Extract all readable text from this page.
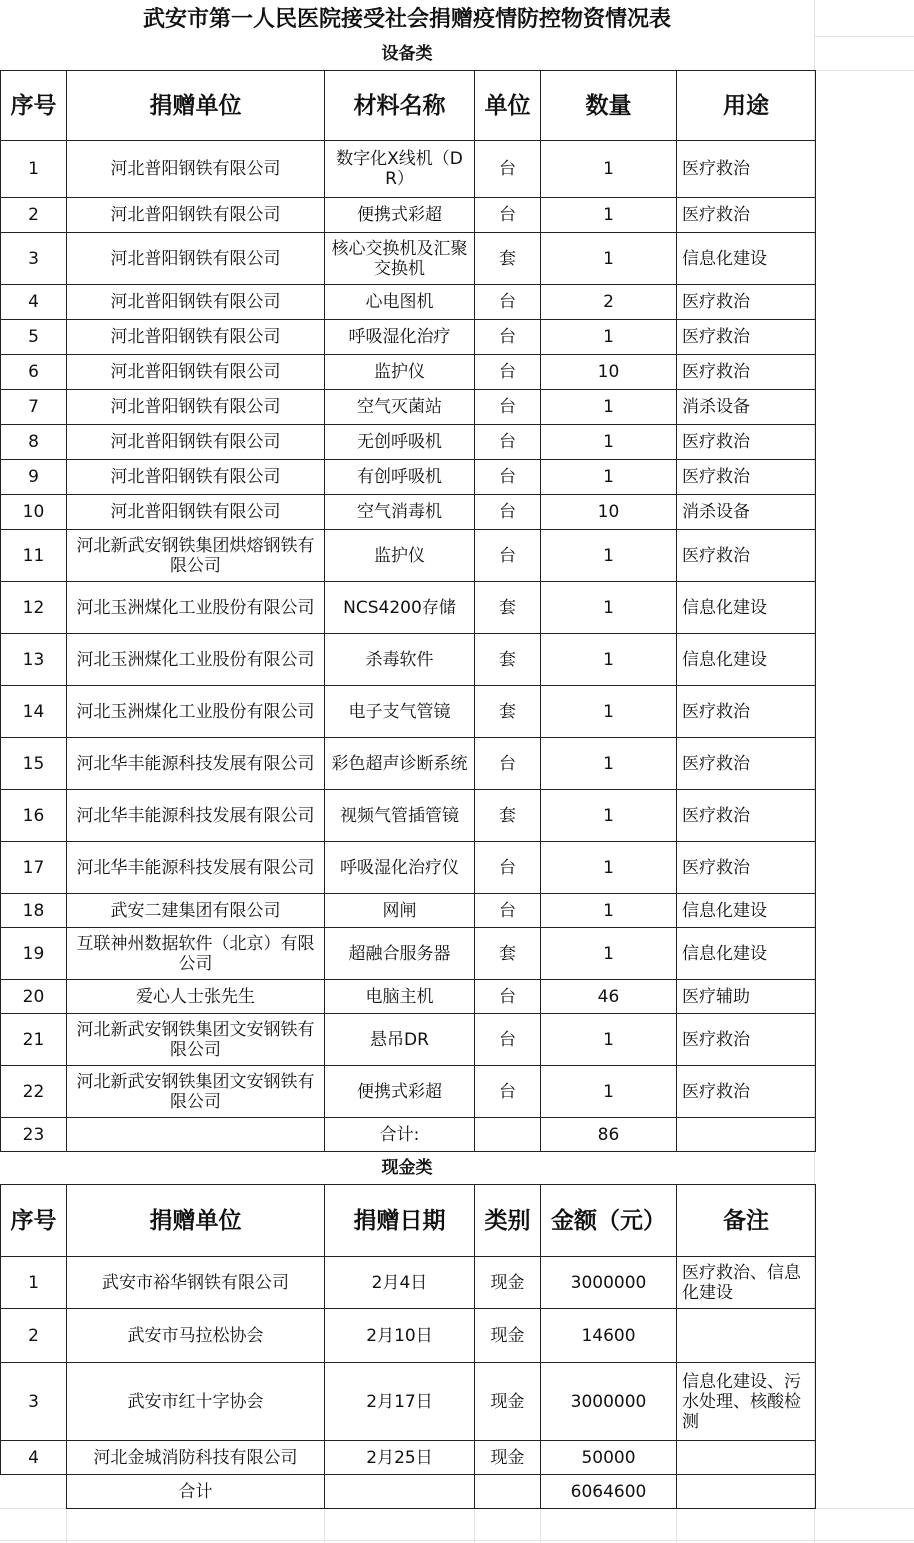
武安市第一人民医院接受社会捐赠疫情防控物资情况表
设备类
序号	捐赠单位	材料名称	单位	数量	用途
1	河北普阳钢铁有限公司	数字化X线机（DR）	台	1	医疗救治
2	河北普阳钢铁有限公司	便携式彩超	台	1	医疗救治
3	河北普阳钢铁有限公司	核心交换机及汇聚交换机	套	1	信息化建设
4	河北普阳钢铁有限公司	心电图机	台	2	医疗救治
5	河北普阳钢铁有限公司	呼吸湿化治疗	台	1	医疗救治
6	河北普阳钢铁有限公司	监护仪	台	10	医疗救治
7	河北普阳钢铁有限公司	空气灭菌站	台	1	消杀设备
8	河北普阳钢铁有限公司	无创呼吸机	台	1	医疗救治
9	河北普阳钢铁有限公司	有创呼吸机	台	1	医疗救治
10	河北普阳钢铁有限公司	空气消毒机	台	10	消杀设备
11	河北新武安钢铁集团烘熔钢铁有限公司	监护仪	台	1	医疗救治
12	河北玉洲煤化工业股份有限公司	NCS4200存储	套	1	信息化建设
13	河北玉洲煤化工业股份有限公司	杀毒软件	套	1	信息化建设
14	河北玉洲煤化工业股份有限公司	电子支气管镜	套	1	医疗救治
15	河北华丰能源科技发展有限公司	彩色超声诊断系统	台	1	医疗救治
16	河北华丰能源科技发展有限公司	视频气管插管镜	套	1	医疗救治
17	河北华丰能源科技发展有限公司	呼吸湿化治疗仪	台	1	医疗救治
18	武安二建集团有限公司	网闸	台	1	信息化建设
19	互联神州数据软件（北京）有限公司	超融合服务器	套	1	信息化建设
20	爱心人士张先生	电脑主机	台	46	医疗辅助
21	河北新武安钢铁集团文安钢铁有限公司	悬吊DR	台	1	医疗救治
22	河北新武安钢铁集团文安钢铁有限公司	便携式彩超	台	1	医疗救治
23		合计:		86	
现金类
序号	捐赠单位	捐赠日期	类别	金额（元）	备注
1	武安市裕华钢铁有限公司	2月4日	现金	3000000	医疗救治、信息化建设
2	武安市马拉松协会	2月10日	现金	14600	
3	武安市红十字协会	2月17日	现金	3000000	信息化建设、污水处理、核酸检测
4	河北金城消防科技有限公司	2月25日	现金	50000	
	合计			6064600	
